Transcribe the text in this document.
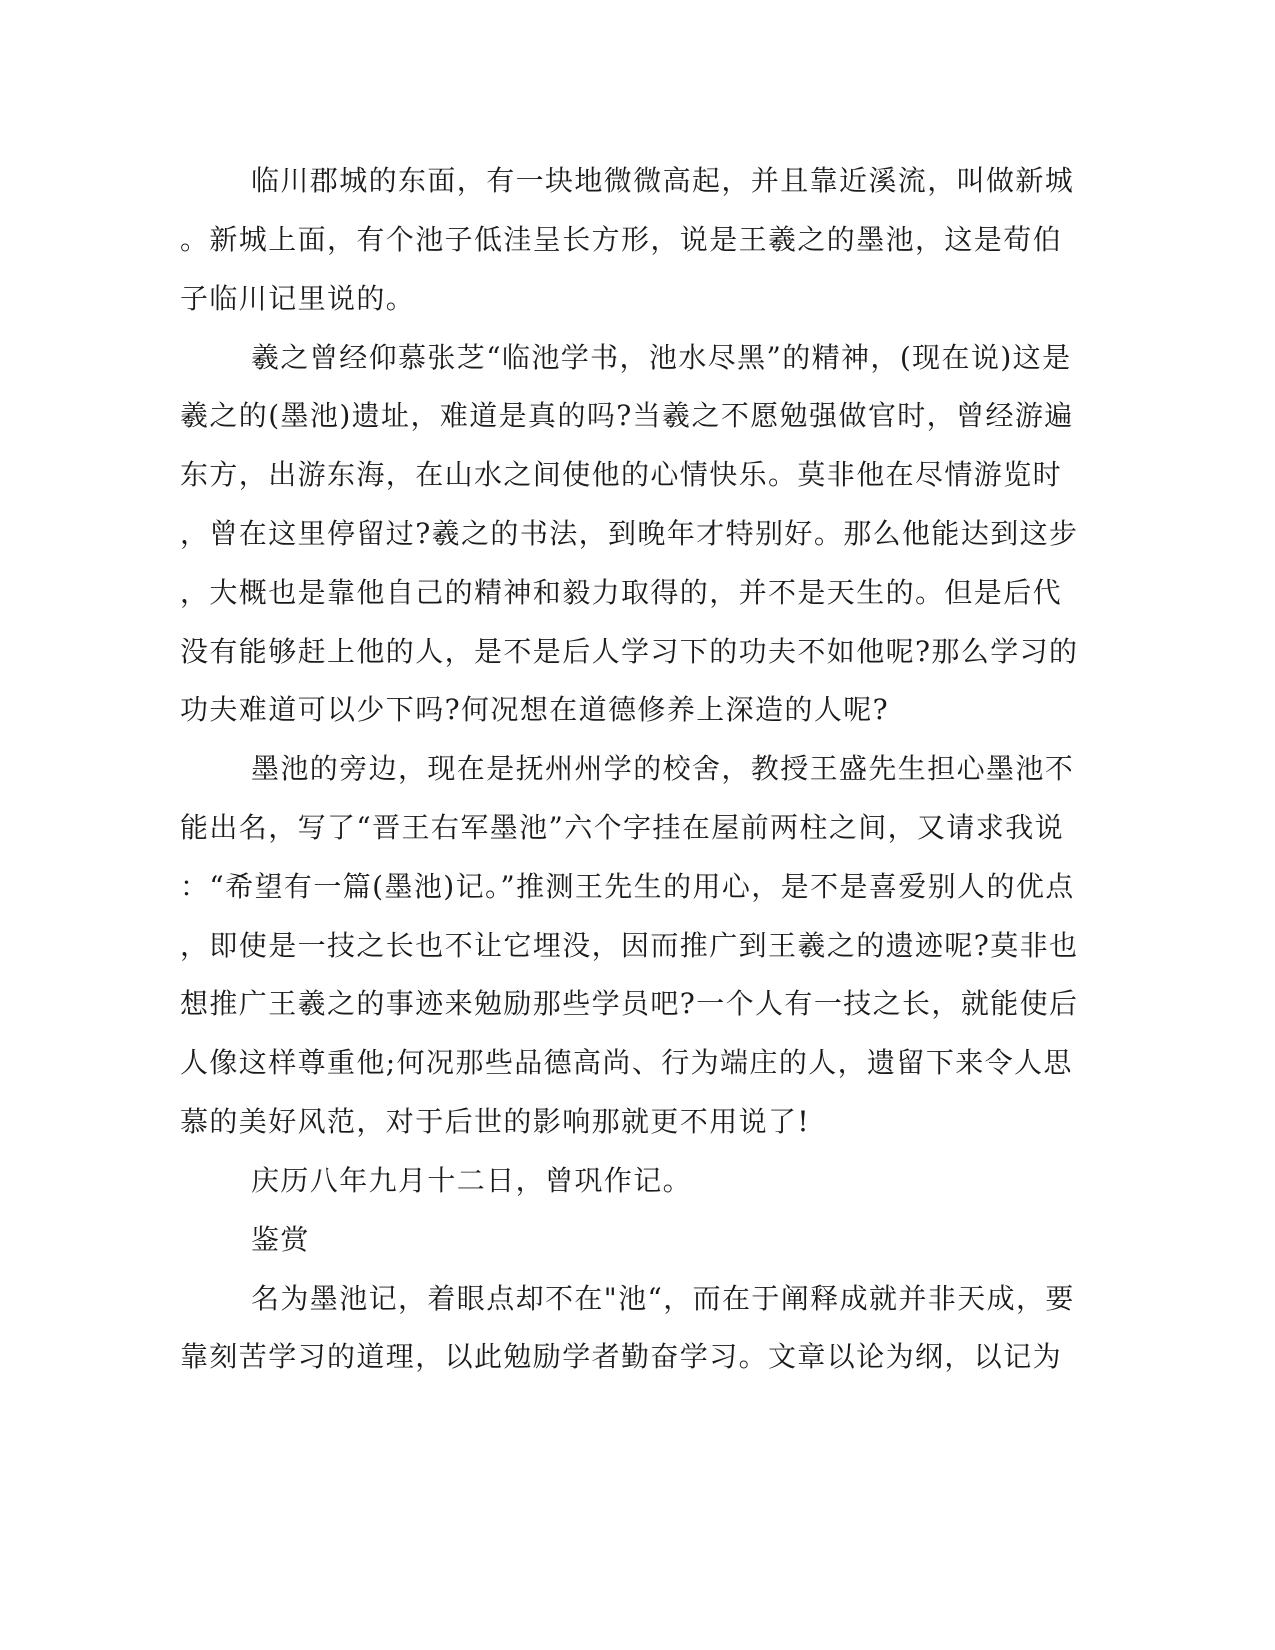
临川郡城的东面，有一块地微微高起，并且靠近溪流，叫做新城
。新城上面，有个池子低洼呈长方形，说是王羲之的墨池，这是荀伯
子临川记里说的。
羲之曾经仰慕张芝“临池学书，池水尽黑”的精神，(现在说)这是
羲之的(墨池)遗址，难道是真的吗?当羲之不愿勉强做官时，曾经游遍
东方，出游东海，在山水之间使他的心情快乐。莫非他在尽情游览时
，曾在这里停留过?羲之的书法，到晚年才特别好。那么他能达到这步
，大概也是靠他自己的精神和毅力取得的，并不是天生的。但是后代
没有能够赶上他的人，是不是后人学习下的功夫不如他呢?那么学习的
功夫难道可以少下吗?何况想在道德修养上深造的人呢?
墨池的旁边，现在是抚州州学的校舍，教授王盛先生担心墨池不
能出名，写了“晋王右军墨池”六个字挂在屋前两柱之间，又请求我说
：“希望有一篇(墨池)记。”推测王先生的用心，是不是喜爱别人的优点
，即使是一技之长也不让它埋没，因而推广到王羲之的遗迹呢?莫非也
想推广王羲之的事迹来勉励那些学员吧?一个人有一技之长，就能使后
人像这样尊重他;何况那些品德高尚、行为端庄的人，遗留下来令人思
慕的美好风范，对于后世的影响那就更不用说了!
庆历八年九月十二日，曾巩作记。
鉴赏
名为墨池记，着眼点却不在"池“，而在于阐释成就并非天成，要
靠刻苦学习的道理，以此勉励学者勤奋学习。文章以论为纲，以记为
